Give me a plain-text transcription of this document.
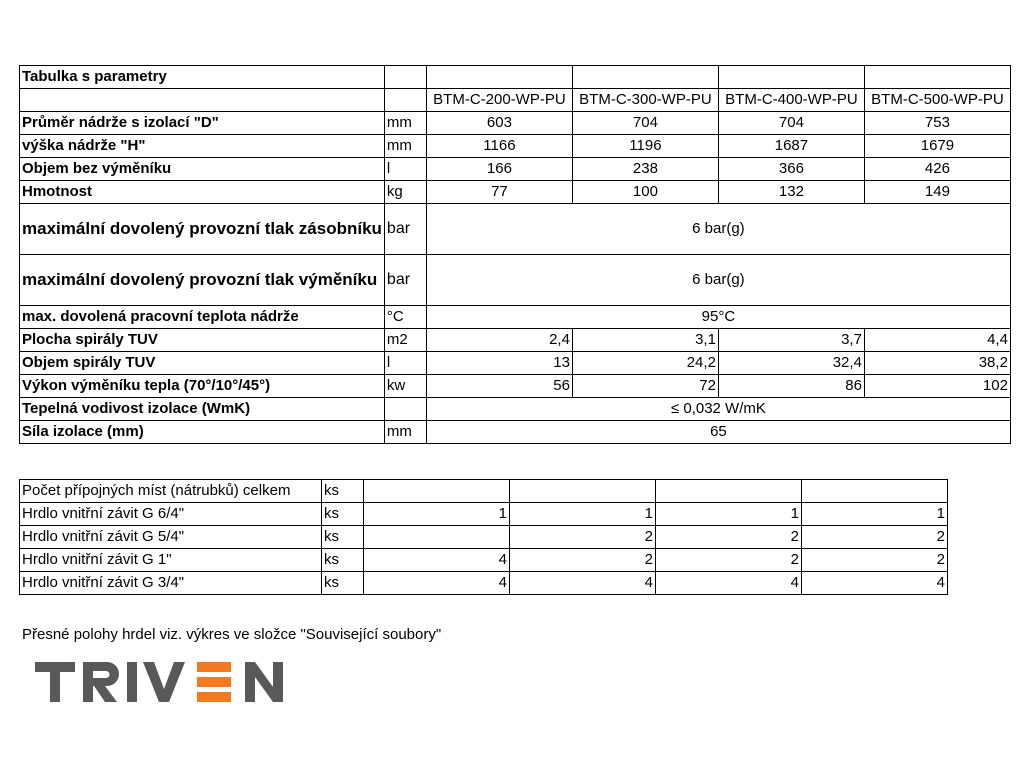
Tabulka s parametry					
		BTM-C-200-WP-PU	BTM-C-300-WP-PU	BTM-C-400-WP-PU	BTM-C-500-WP-PU
Průměr nádrže s izolací "D"	mm	603	704	704	753
výška nádrže "H"	mm	1166	1196	1687	1679
Objem bez výměníku	l	166	238	366	426
Hmotnost	kg	77	100	132	149
maximální dovolený provozní tlak zásobníku	bar	6 bar(g)			
maximální dovolený provozní tlak výměníku	bar	6 bar(g)			
max. dovolená pracovní teplota nádrže	°C	95°C			
Plocha spirály TUV	m2	2,4	3,1	3,7	4,4
Objem spirály TUV	l	13	24,2	32,4	38,2
Výkon výměníku tepla (70°/10°/45°)	kw	56	72	86	102
Tepelná vodivost izolace (WmK)		≤ 0,032 W/mK			
Síla izolace (mm)	mm	65			
Počet přípojných míst (nátrubků) celkem	ks				
Hrdlo vnitřní závit G 6/4"	ks	1	1	1	1
Hrdlo vnitřní závit G 5/4"	ks		2	2	2
Hrdlo vnitřní závit G 1"	ks	4	2	2	2
Hrdlo vnitřní závit G 3/4"	ks	4	4	4	4
Přesné polohy hrdel viz. výkres ve složce "Související soubory"
